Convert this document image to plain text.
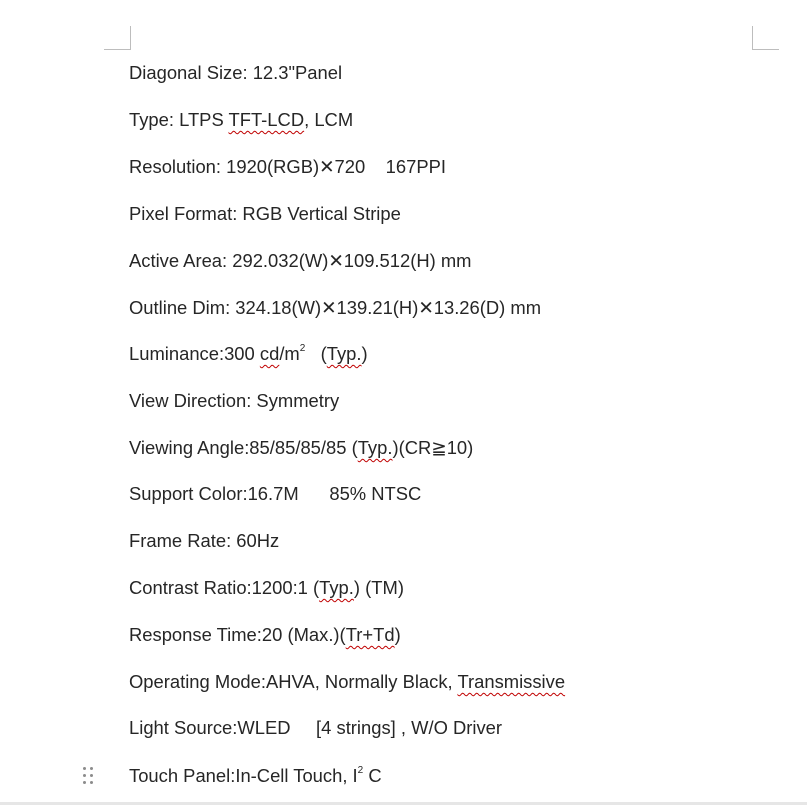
Diagonal Size: 12.3"Panel
Type: LTPS TFT-LCD, LCM
Resolution: 1920(RGB)✕720    167PPI
Pixel Format: RGB Vertical Stripe
Active Area: 292.032(W)✕109.512(H) mm
Outline Dim: 324.18(W)✕139.21(H)✕13.26(D) mm
Luminance:300 $cd/m^2$   (Typ.)
View Direction: Symmetry
Viewing Angle:85/85/85/85 (Typ.)(CR≧10)
Support Color:16.7M      85% NTSC
Frame Rate: 60Hz
Contrast Ratio:1200:1 (Typ.) (TM)
Response Time:20 (Max.)(Tr+Td)
Operating Mode:AHVA, Normally Black, Transmissive
Light Source:WLED     [4 strings] , W/O Driver
Touch Panel:In-Cell Touch, $I^2$ C
